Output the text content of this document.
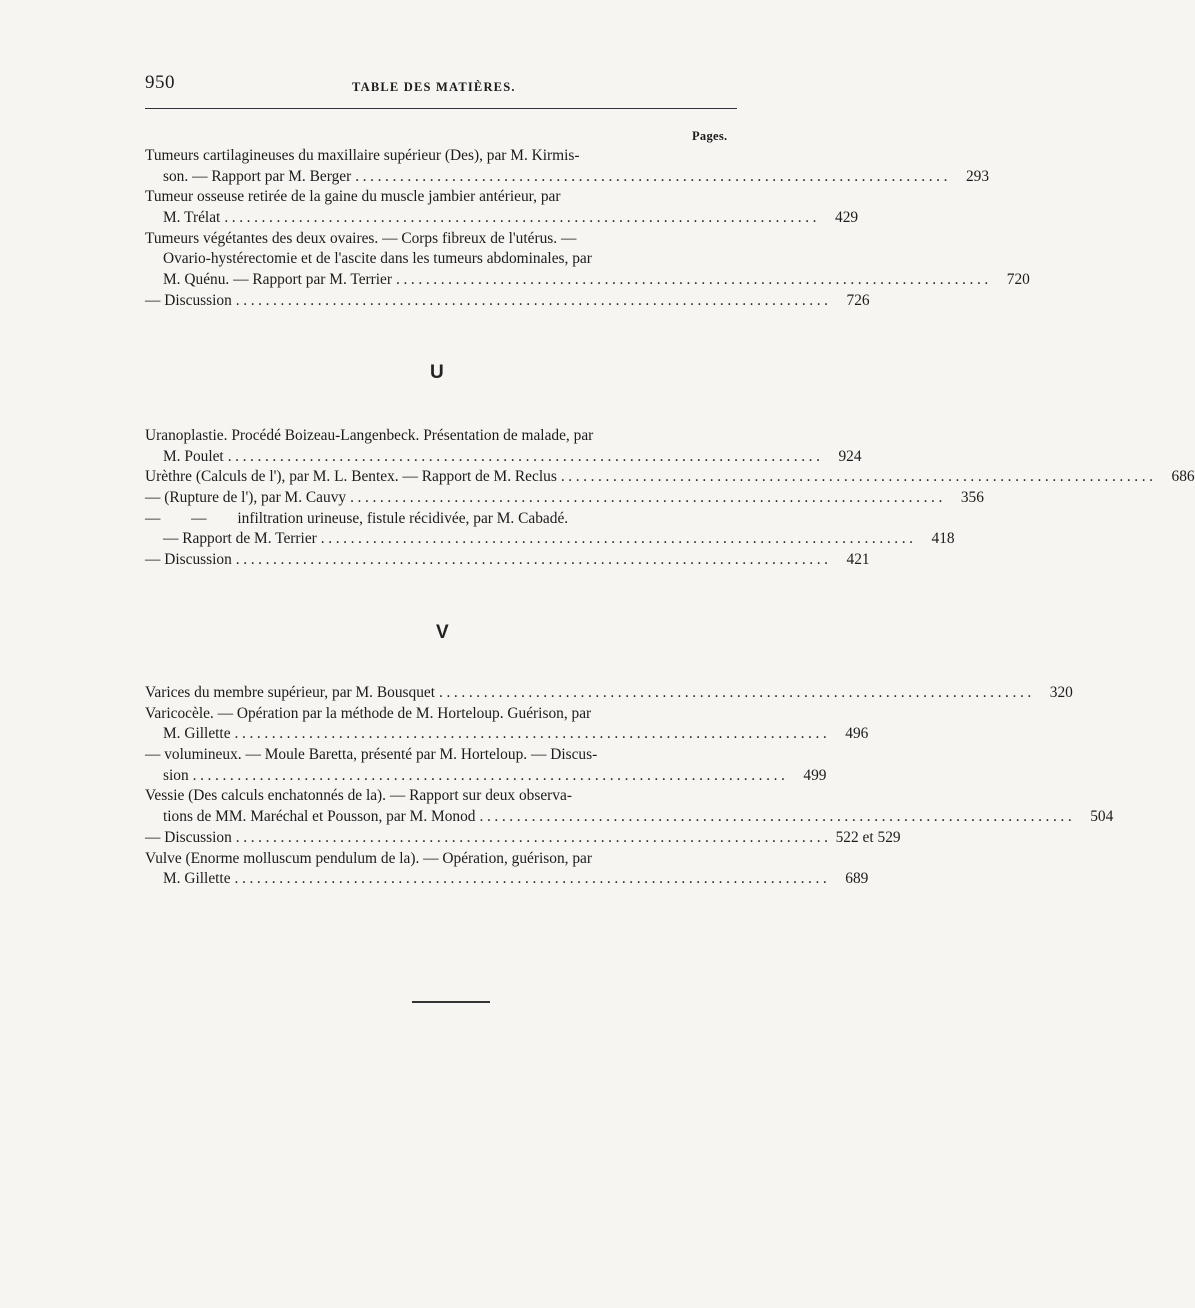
950	TABLE DES MATIÈRES.
Pages.
Tumeurs cartilagineuses du maxillaire supérieur (Des), par M. Kirmis-
son. — Rapport par M. Berger ................................................................................ 293
Tumeur osseuse retirée de la gaine du muscle jambier antérieur, par
M. Trélat ................................................................................ 429
Tumeurs végétantes des deux ovaires. — Corps fibreux de l'utérus. —
Ovario-hystérectomie et de l'ascite dans les tumeurs abdominales, par
M. Quénu. — Rapport par M. Terrier ................................................................................ 720
— Discussion ................................................................................ 726
U
Uranoplastie. Procédé Boizeau-Langenbeck. Présentation de malade, par
M. Poulet ................................................................................ 924
Urèthre (Calculs de l'), par M. L. Bentex. — Rapport de M. Reclus ................................................................................ 686
— (Rupture de l'), par M. Cauvy ................................................................................ 356
—        —        infiltration urineuse, fistule récidivée, par M. Cabadé.
— Rapport de M. Terrier ................................................................................ 418
— Discussion ................................................................................ 421
V
Varices du membre supérieur, par M. Bousquet ................................................................................ 320
Varicocèle. — Opération par la méthode de M. Horteloup. Guérison, par
M. Gillette ................................................................................ 496
— volumineux. — Moule Baretta, présenté par M. Horteloup. — Discus-
sion ................................................................................ 499
Vessie (Des calculs enchatonnés de la). — Rapport sur deux observa-
tions de MM. Maréchal et Pousson, par M. Monod ................................................................................ 504
— Discussion ................................................................................ 522 et 529
Vulve (Enorme molluscum pendulum de la). — Opération, guérison, par
M. Gillette ................................................................................ 689
